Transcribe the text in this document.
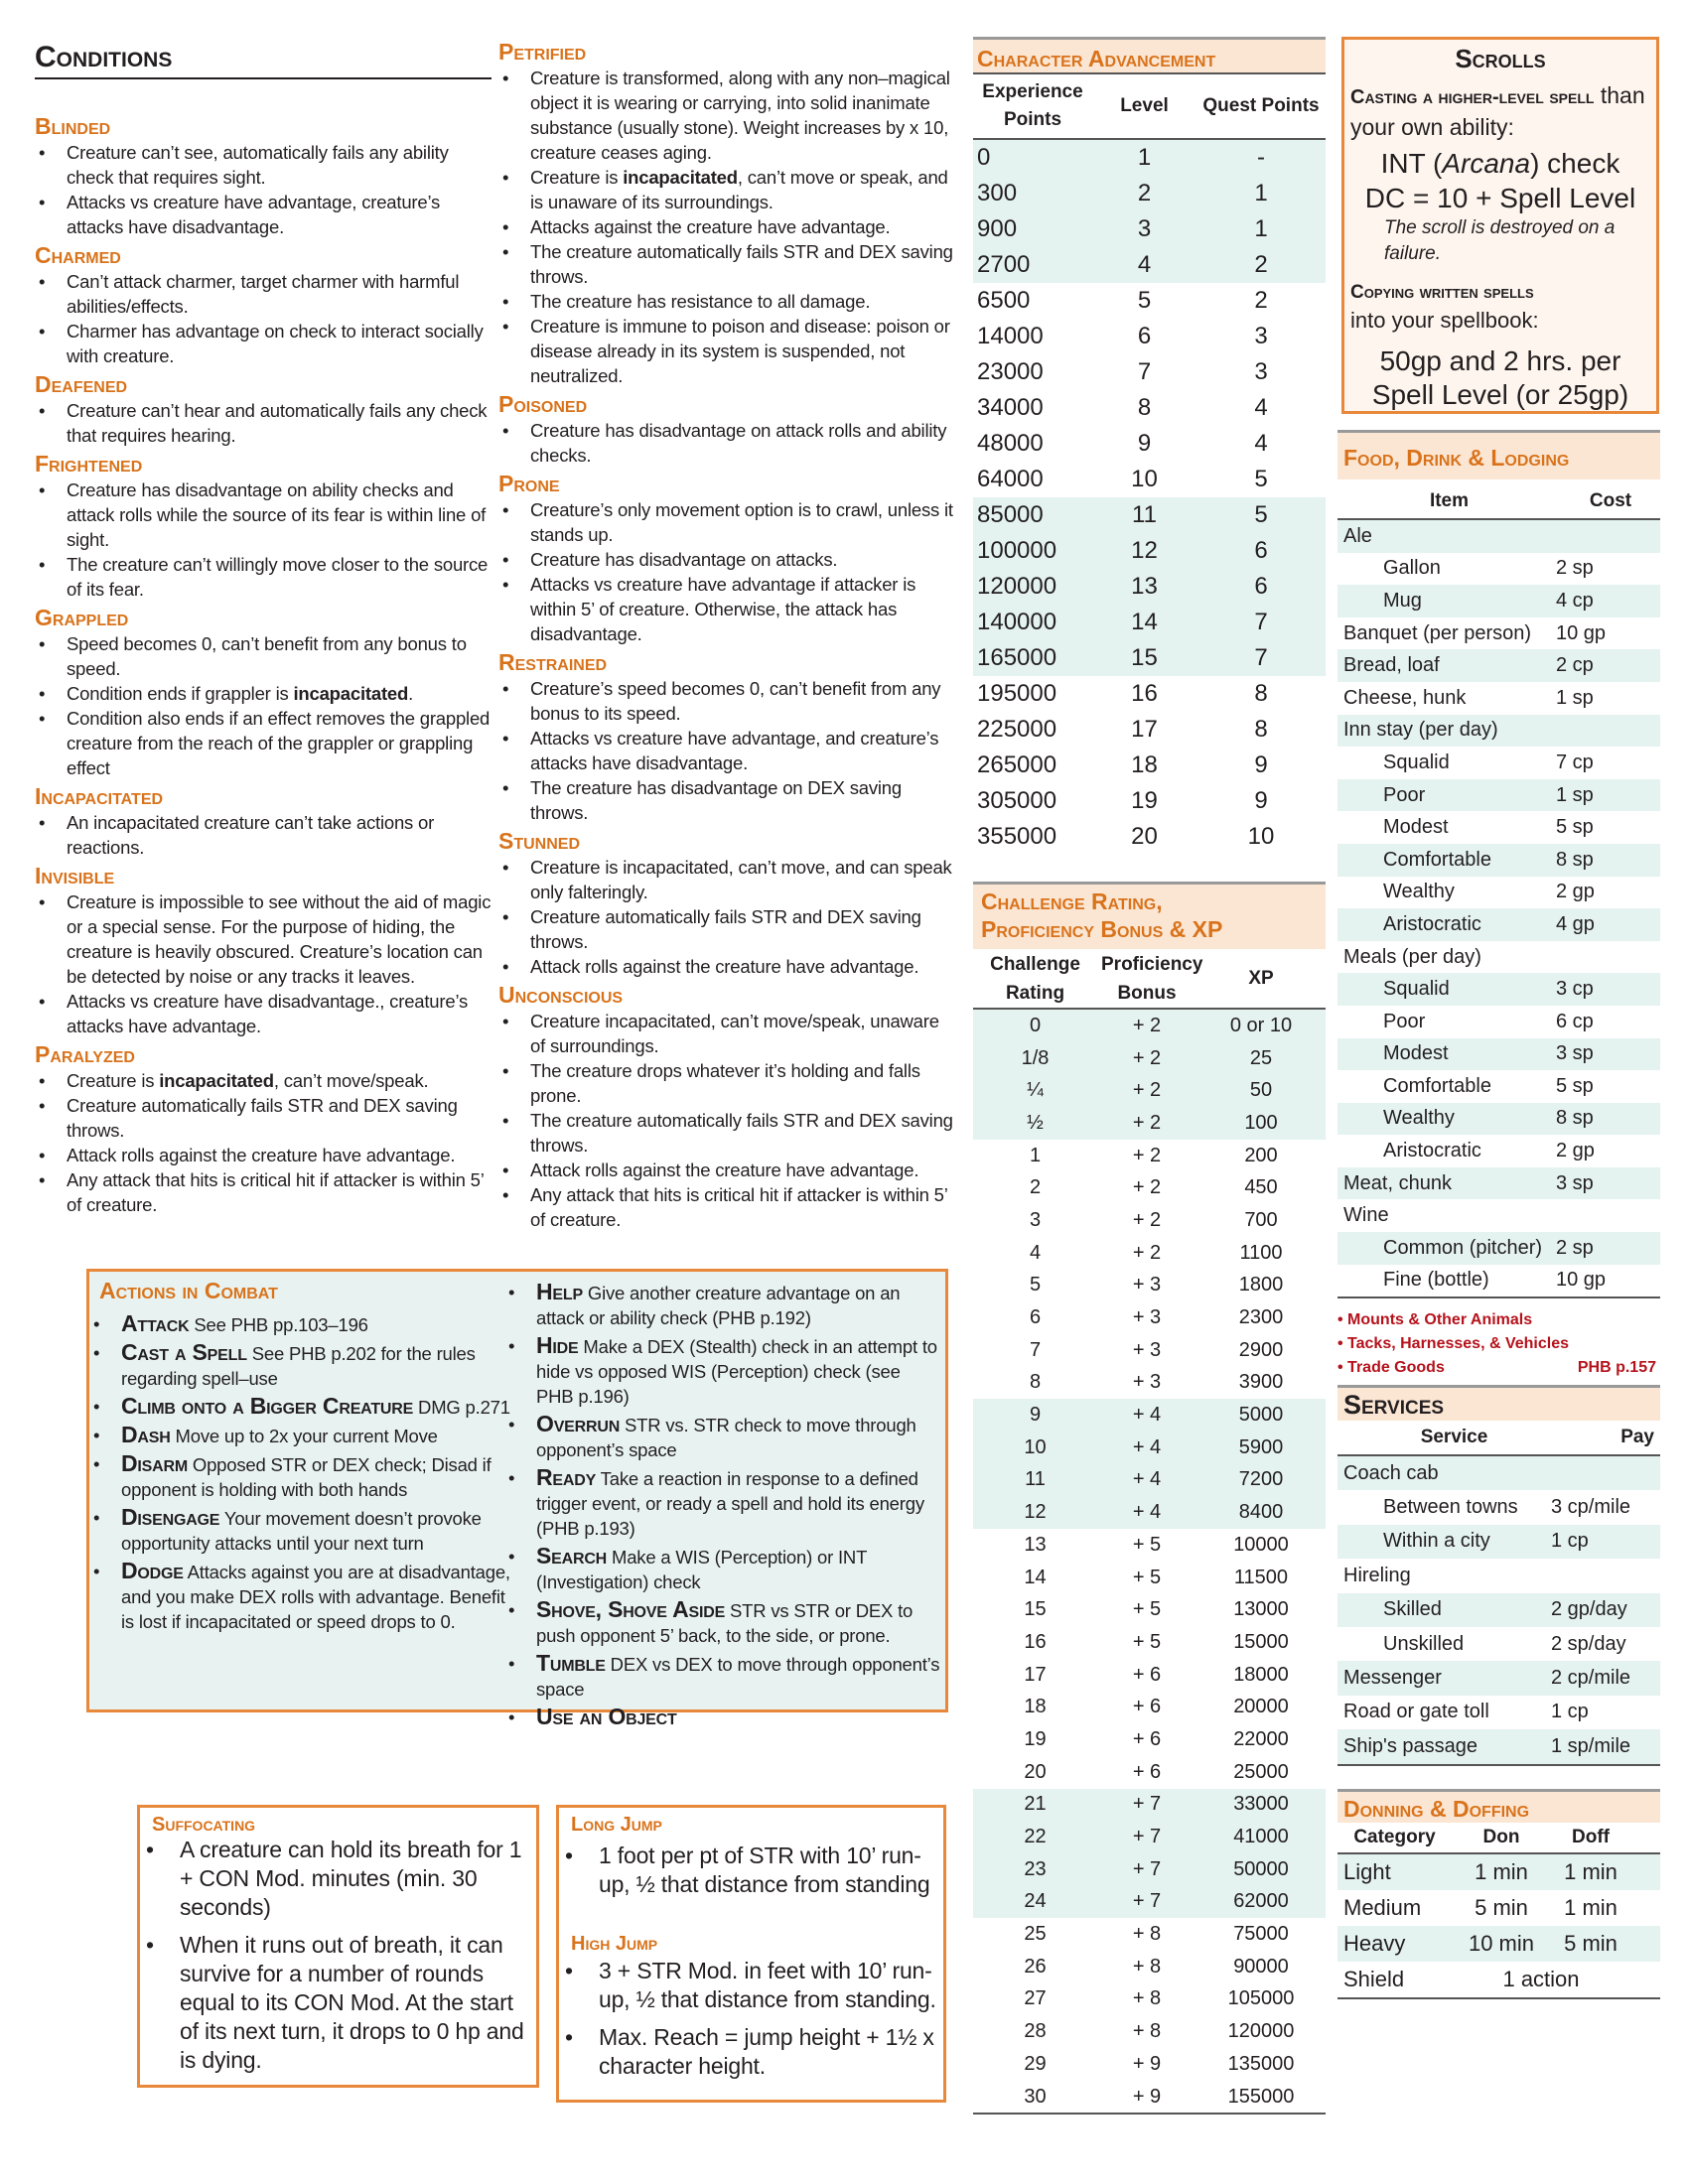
Conditions
Blinded
• Creature can’t see, automatically fails any ability check that requires sight.
• Attacks vs creature have advantage, creature’s attacks have disadvantage.
Charmed
• Can’t attack charmer, target charmer with harmful abilities/effects.
• Charmer has advantage on check to interact socially with creature.
Deafened
• Creature can’t hear and automatically fails any check that requires hearing.
Frightened
• Creature has disadvantage on ability checks and attack rolls while the source of its fear is within line of sight.
• The creature can’t willingly move closer to the source of its fear.
Grappled
• Speed becomes 0, can’t benefit from any bonus to speed.
• Condition ends if grappler is incapacitated.
• Condition also ends if an effect removes the grappled creature from the reach of the grappler or grappling effect
Incapacitated
• An incapacitated creature can’t take actions or reactions.
Invisible
• Creature is impossible to see without the aid of magic or a special sense. For the purpose of hiding, the creature is heavily obscured. Creature’s location can be detected by noise or any tracks it leaves.
• Attacks vs creature have disadvantage., creature’s attacks have advantage.
Paralyzed
• Creature is incapacitated, can’t move/speak.
• Creature automatically fails STR and DEX saving throws.
• Attack rolls against the creature have advantage.
• Any attack that hits is critical hit if attacker is within 5’ of creature.
Petrified
• Creature is transformed, along with any non–magical object it is wearing or carrying, into solid inanimate substance (usually stone). Weight increases by x 10, creature ceases aging.
• Creature is incapacitated, can’t move or speak, and is unaware of its surroundings.
• Attacks against the creature have advantage.
• The creature automatically fails STR and DEX saving throws.
• The creature has resistance to all damage.
• Creature is immune to poison and disease: poison or disease already in its system is suspended, not neutralized.
Poisoned
• Creature has disadvantage on attack rolls and ability checks.
Prone
• Creature’s only movement option is to crawl, unless it stands up.
• Creature has disadvantage on attacks.
• Attacks vs creature have advantage if attacker is within 5’ of creature. Otherwise, the attack has disadvantage.
Restrained
• Creature’s speed becomes 0, can’t benefit from any bonus to its speed.
• Attacks vs creature have advantage, and creature’s attacks have disadvantage.
• The creature has disadvantage on DEX saving throws.
Stunned
• Creature is incapacitated, can’t move, and can speak only falteringly.
• Creature automatically fails STR and DEX saving throws.
• Attack rolls against the creature have advantage.
Unconscious
• Creature incapacitated, can’t move/speak, unaware of surroundings.
• The creature drops whatever it’s holding and falls prone.
• The creature automatically fails STR and DEX saving throws.
• Attack rolls against the creature have advantage.
• Any attack that hits is critical hit if attacker is within 5’ of creature.
Actions in Combat
• Attack See PHB pp.103–196
• Cast a Spell See PHB p.202 for the rules regarding spell–use
• Climb onto a Bigger Creature DMG p.271
• Dash Move up to 2x your current Move
• Disarm Opposed STR or DEX check; Disad if opponent is holding with both hands
• Disengage Your movement doesn’t provoke opportunity attacks until your next turn
• Dodge Attacks against you are at disadvantage, and you make DEX rolls with advantage. Benefit is lost if incapacitated or speed drops to 0.
• Help Give another creature advantage on an attack or ability check (PHB p.192)
• Hide Make a DEX (Stealth) check in an attempt to hide vs opposed WIS (Perception) check (see PHB p.196)
• Overrun STR vs. STR check to move through opponent’s space
• Ready Take a reaction in response to a defined trigger event, or ready a spell and hold its energy (PHB p.193)
• Search Make a WIS (Perception) or INT (Investigation) check
• Shove, Shove Aside STR vs STR or DEX to push opponent 5’ back, to the side, or prone.
• Tumble DEX vs DEX to move through opponent’s space
• Use an Object
Suffocating
• A creature can hold its breath for 1 + CON Mod. minutes (min. 30 seconds)
• When it runs out of breath, it can survive for a number of rounds equal to its CON Mod. At the start of its next turn, it drops to 0 hp and is dying.
Long Jump
• 1 foot per pt of STR with 10’ run-up, ½ that distance from standing
High Jump
• 3 + STR Mod. in feet with 10’ run-up, ½ that distance from standing.
• Max. Reach = jump height + 1½ x character height.
Character Advancement
Experience Points
Level	Quest Points
0	1	-
300	2	1
900	3	1
2700	4	2
6500	5	2
14000	6	3
23000	7	3
34000	8	4
48000	9	4
64000	10	5
85000	11	5
100000	12	6
120000	13	6
140000	14	7
165000	15	7
195000	16	8
225000	17	8
265000	18	9
305000	19	9
355000	20	10
Challenge Rating,
Proficiency Bonus & XP
Challenge Rating
Proficiency Bonus
XP
0	+ 2	0 or 10
1/8	+ 2	25
¼	+ 2	50
½	+ 2	100
1	+ 2	200
2	+ 2	450
3	+ 2	700
4	+ 2	1100
5	+ 3	1800
6	+ 3	2300
7	+ 3	2900
8	+ 3	3900
9	+ 4	5000
10	+ 4	5900
11	+ 4	7200
12	+ 4	8400
13	+ 5	10000
14	+ 5	11500
15	+ 5	13000
16	+ 5	15000
17	+ 6	18000
18	+ 6	20000
19	+ 6	22000
20	+ 6	25000
21	+ 7	33000
22	+ 7	41000
23	+ 7	50000
24	+ 7	62000
25	+ 8	75000
26	+ 8	90000
27	+ 8	105000
28	+ 8	120000
29	+ 9	135000
30	+ 9	155000
Scrolls
Casting a higher-level spell than your own ability:
INT (Arcana) check
DC = 10 + Spell Level
The scroll is destroyed on a failure.
Copying written spells
into your spellbook:
50gp and 2 hrs. per Spell Level (or 25gp)
Food, Drink & Lodging
Item	Cost
Ale
Gallon	2 sp
Mug	4 cp
Banquet (per person)	10 gp
Bread, loaf	2 cp
Cheese, hunk	1 sp
Inn stay (per day)
Squalid	7 cp
Poor	1 sp
Modest	5 sp
Comfortable	8 sp
Wealthy	2 gp
Aristocratic	4 gp
Meals (per day)
Squalid	3 cp
Poor	6 cp
Modest	3 sp
Comfortable	5 sp
Wealthy	8 sp
Aristocratic	2 gp
Meat, chunk	3 sp
Wine
Common (pitcher) 2 sp
Fine (bottle)	10 gp
• Mounts & Other Animals
• Tacks, Harnesses, & Vehicles
• Trade Goods	PHB p.157
Services
Service	Pay
Coach cab
Between towns	3 cp/mile
Within a city	1 cp
Hireling
Skilled	2 gp/day
Unskilled	2 sp/day
Messenger	2 cp/mile
Road or gate toll	1 cp
Ship's passage	1 sp/mile
Donning & Doffing
Category	Don	Doff
Light	1 min	1 min
Medium	5 min	1 min
Heavy	10 min	5 min
Shield	1 action
